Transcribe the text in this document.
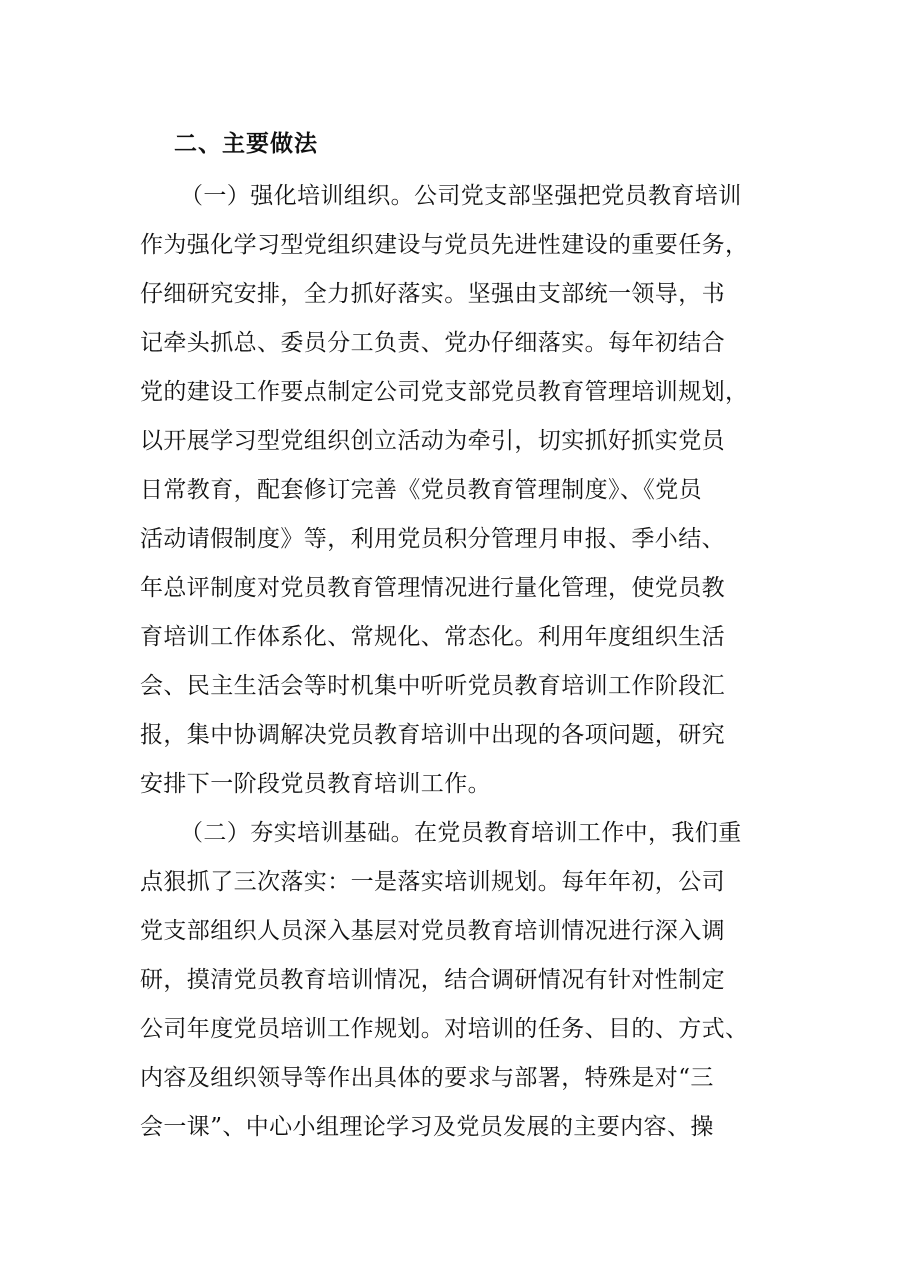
二、主要做法
（一）强化培训组织。公司党支部坚强把党员教育培训
作为强化学习型党组织建设与党员先进性建设的重要任务，
仔细研究安排，全力抓好落实。坚强由支部统一领导，书
记牵头抓总、委员分工负责、党办仔细落实。每年初结合
党的建设工作要点制定公司党支部党员教育管理培训规划，
以开展学习型党组织创立活动为牵引，切实抓好抓实党员
日常教育，配套修订完善《党员教育管理制度》、《党员
活动请假制度》等，利用党员积分管理月申报、季小结、
年总评制度对党员教育管理情况进行量化管理，使党员教
育培训工作体系化、常规化、常态化。利用年度组织生活
会、民主生活会等时机集中听听党员教育培训工作阶段汇
报，集中协调解决党员教育培训中出现的各项问题，研究
安排下一阶段党员教育培训工作。
（二）夯实培训基础。在党员教育培训工作中，我们重
点狠抓了三次落实：一是落实培训规划。每年年初，公司
党支部组织人员深入基层对党员教育培训情况进行深入调
研，摸清党员教育培训情况，结合调研情况有针对性制定
公司年度党员培训工作规划。对培训的任务、目的、方式、
内容及组织领导等作出具体的要求与部署，特殊是对“三
会一课”、中心小组理论学习及党员发展的主要内容、操
